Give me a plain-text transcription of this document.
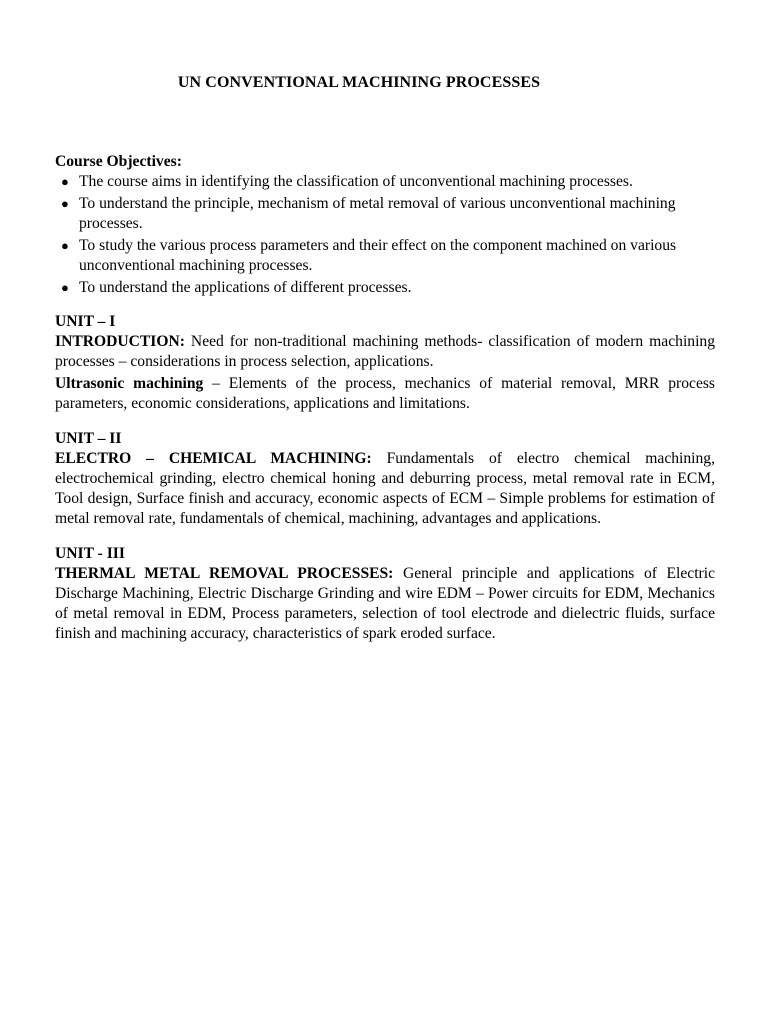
UN CONVENTIONAL MACHINING PROCESSES

Course Objectives:

● The course aims in identifying the classification of unconventional machining processes.
● To understand the principle, mechanism of metal removal of various unconventional machining processes.
● To study the various process parameters and their effect on the component machined on various unconventional machining processes.
● To understand the applications of different processes.

UNIT – I

INTRODUCTION: Need for non-traditional machining methods- classification of modern machining processes – considerations in process selection, applications.

Ultrasonic machining – Elements of the process, mechanics of material removal, MRR process parameters, economic considerations, applications and limitations.

UNIT – II

ELECTRO – CHEMICAL MACHINING: Fundamentals of electro chemical machining, electrochemical grinding, electro chemical honing and deburring process, metal removal rate in ECM, Tool design, Surface finish and accuracy, economic aspects of ECM – Simple problems for estimation of metal removal rate, fundamentals of chemical, machining, advantages and applications.

UNIT - III

THERMAL METAL REMOVAL PROCESSES: General principle and applications of Electric Discharge Machining, Electric Discharge Grinding and wire EDM – Power circuits for EDM, Mechanics of metal removal in EDM, Process parameters, selection of tool electrode and dielectric fluids, surface finish and machining accuracy, characteristics of spark eroded surface.
